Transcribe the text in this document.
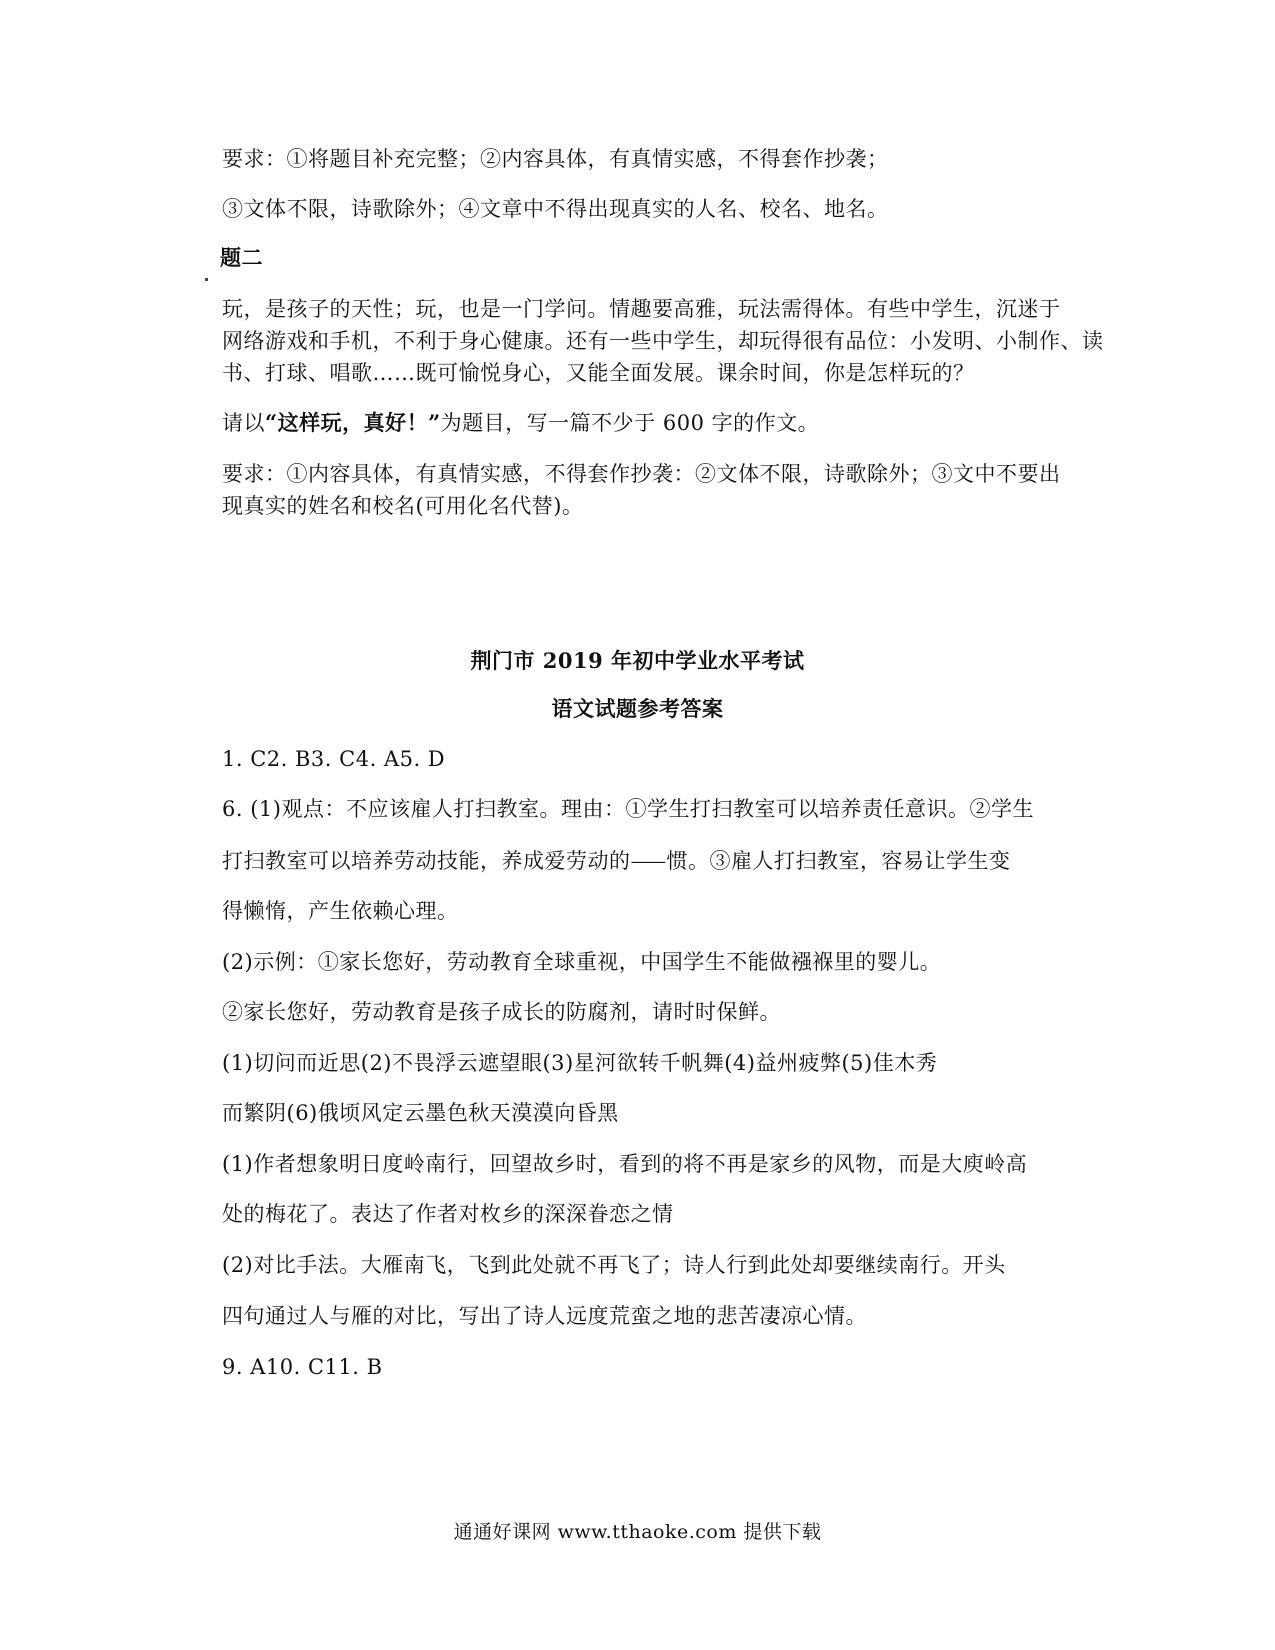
要求：①将题目补充完整；②内容具体，有真情实感，不得套作抄袭；
③文体不限，诗歌除外；④文章中不得出现真实的人名、校名、地名。
题二
玩，是孩子的天性；玩，也是一门学问。情趣要高雅，玩法需得体。有些中学生，沉迷于
网络游戏和手机，不利于身心健康。还有一些中学生，却玩得很有品位：小发明、小制作、读
书、打球、唱歌……既可愉悦身心，又能全面发展。课余时间，你是怎样玩的？
请以“这样玩，真好！”为题目，写一篇不少于 600 字的作文。
要求：①内容具体，有真情实感，不得套作抄袭：②文体不限，诗歌除外；③文中不要出
现真实的姓名和校名(可用化名代替)。
荆门市 2019 年初中学业水平考试
语文试题参考答案
1. C2. B3. C4. A5. D
6. (1)观点：不应该雇人打扫教室。理由：①学生打扫教室可以培养责任意识。②学生
打扫教室可以培养劳动技能，养成爱劳动的⸺惯。③雇人打扫教室，容易让学生变
得懒惰，产生依赖心理。
(2)示例：①家长您好，劳动教育全球重视，中国学生不能做襁褓里的婴儿。
②家长您好，劳动教育是孩子成长的防腐剂，请时时保鲜。
(1)切问而近思(2)不畏浮云遮望眼(3)星河欲转千帆舞(4)益州疲弊(5)佳木秀
而繁阴(6)俄顷风定云墨色秋天漠漠向昏黑
(1)作者想象明日度岭南行，回望故乡时，看到的将不再是家乡的风物，而是大庾岭高
处的梅花了。表达了作者对枚乡的深深眷恋之情
(2)对比手法。大雁南飞，飞到此处就不再飞了；诗人行到此处却要继续南行。开头
四句通过人与雁的对比，写出了诗人远度荒蛮之地的悲苦凄凉心情。
9. A10. C11. B
通通好课网 www.tthaoke.com 提供下载
